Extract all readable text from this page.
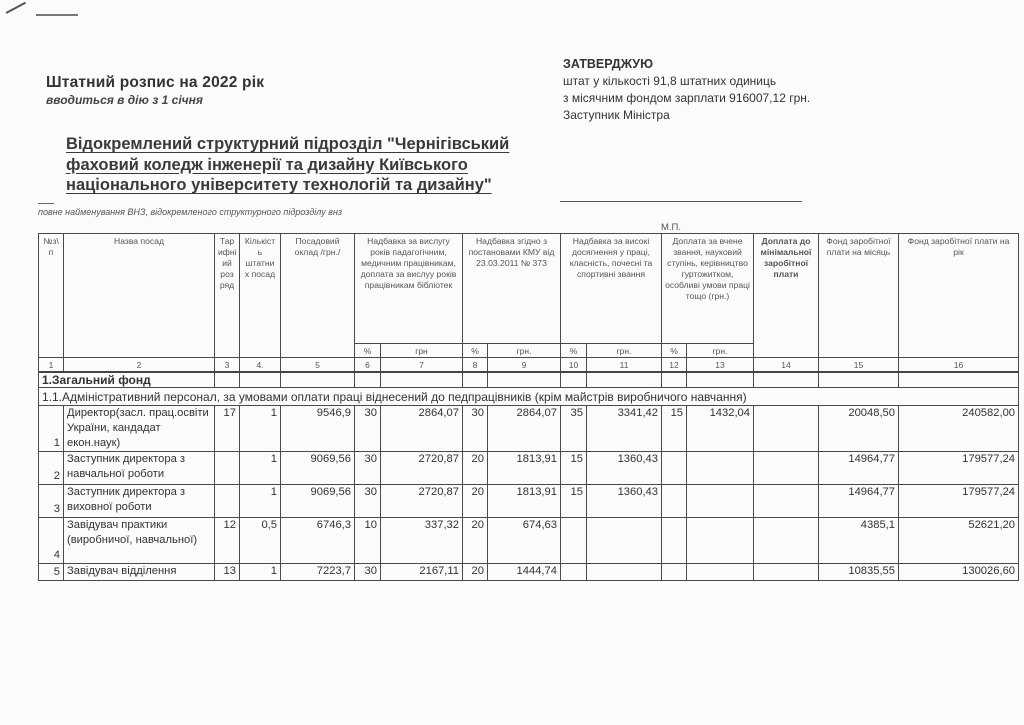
Штатний розпис на 2022 рік
вводиться в дію з 1 січня
Відокремлений структурний підрозділ "Чернігівський
фаховий коледж інженерії та дизайну Київського
національного університету технологій та дизайну"
повне найменування ВНЗ, відокремленого структурного підрозділу внз
ЗАТВЕРДЖУЮ
штат у кількості 91,8 штатних одиниць
з місячним фондом зарплати 916007,12 грн.
Заступник Міністра
М.П.
№з\ п	Назва посад	Тар ифні ий роз ряд	Кількіст ь штатни х посад	Посадовий оклад /грн./	Надбавка за вислугу років падагогічним, медичним працівникам, доплата за вислуу років працівникам бібліотек		Надбавка згідно з постановами КМУ від 23.03.2011 № 373		Надбавка за високі досягнення у праці, класність, почесні та спортивні звання		Доплата за вчене звання, науковий ступінь, керівництво гуртожитком, особливі умови праці тощо (грн.)		Доплата до мінімальної заробітної плати	Фонд заробітної плати на місяць	Фонд заробітної плати на рік
					%	грн	%	грн.	%	грн.	%	грн.			
1	2	3	4.	5	6	7	8	9	10	11	12	13	14	15	16
1.Загальний фонд															
1.1.Адміністративний персонал, за умовами оплати праці віднесений до педпрацівників (крім майстрів виробничого навчання)															
1	Директор(засл. прац.освіти України, кандадат екон.наук)	17	1	9546,9	30	2864,07	30	2864,07	35	3341,42	15	1432,04		20048,50	240582,00
2	Заступник директора з навчальної роботи		1	9069,56	30	2720,87	20	1813,91	15	1360,43				14964,77	179577,24
3	Заступник директора з виховної роботи		1	9069,56	30	2720,87	20	1813,91	15	1360,43				14964,77	179577,24
4	Завідувач практики (виробничої, навчальної)	12	0,5	6746,3	10	337,32	20	674,63						4385,1	52621,20
5	Завідувач відділення	13	1	7223,7	30	2167,11	20	1444,74						10835,55	130026,60
